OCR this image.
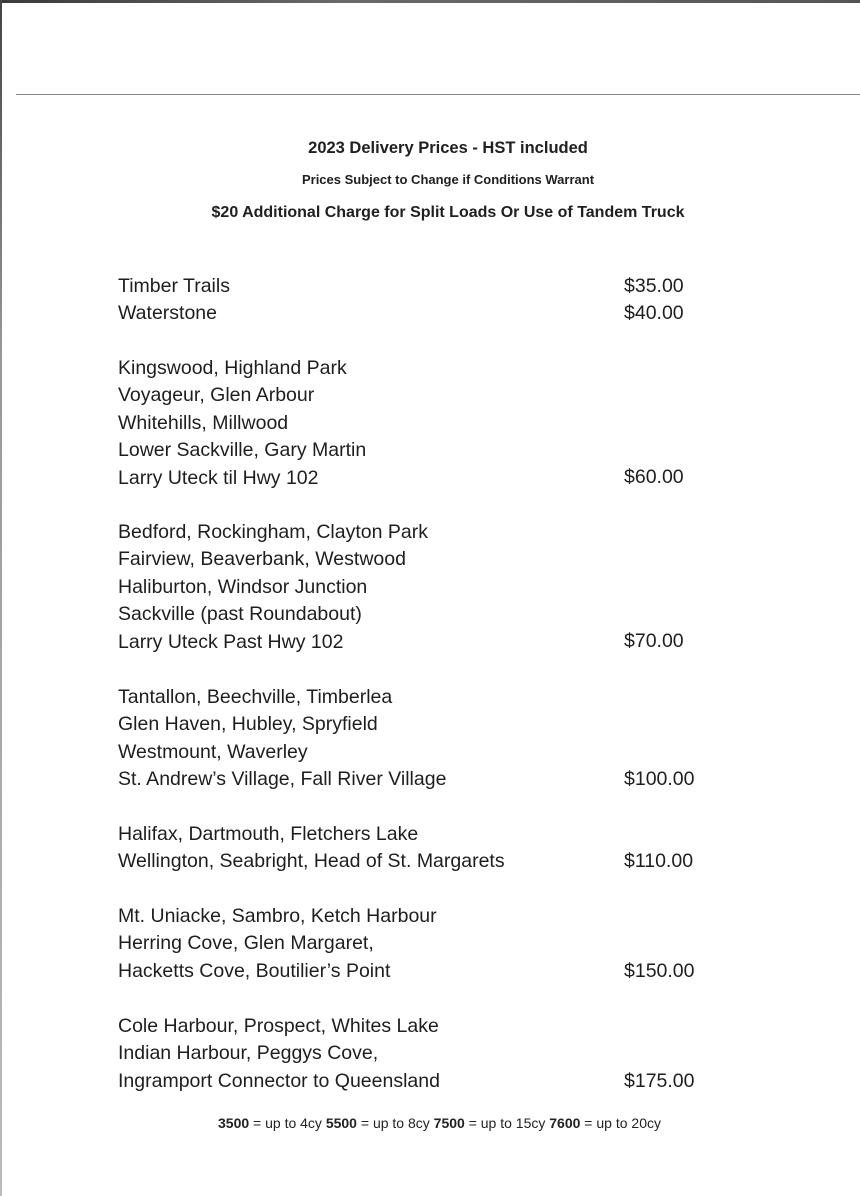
2023 Delivery Prices - HST included
Prices Subject to Change if Conditions Warrant
$20 Additional Charge for Split Loads Or Use of Tandem Truck
Timber Trails	$35.00
Waterstone	$40.00
Kingswood, Highland Park
Voyageur, Glen Arbour
Whitehills, Millwood
Lower Sackville, Gary Martin
Larry Uteck til Hwy 102	$60.00
Bedford, Rockingham, Clayton Park
Fairview, Beaverbank, Westwood
Haliburton, Windsor Junction
Sackville (past Roundabout)
Larry Uteck Past Hwy 102	$70.00
Tantallon, Beechville, Timberlea
Glen Haven, Hubley, Spryfield
Westmount, Waverley
St. Andrew’s Village, Fall River Village	$100.00
Halifax, Dartmouth, Fletchers Lake
Wellington, Seabright, Head of St. Margarets	$110.00
Mt. Uniacke, Sambro, Ketch Harbour
Herring Cove, Glen Margaret,
Hacketts Cove, Boutilier’s Point	$150.00
Cole Harbour, Prospect, Whites Lake
Indian Harbour, Peggys Cove,
Ingramport Connector to Queensland	$175.00
3500 = up to 4cy 5500 = up to 8cy 7500 = up to 15cy 7600 = up to 20cy
